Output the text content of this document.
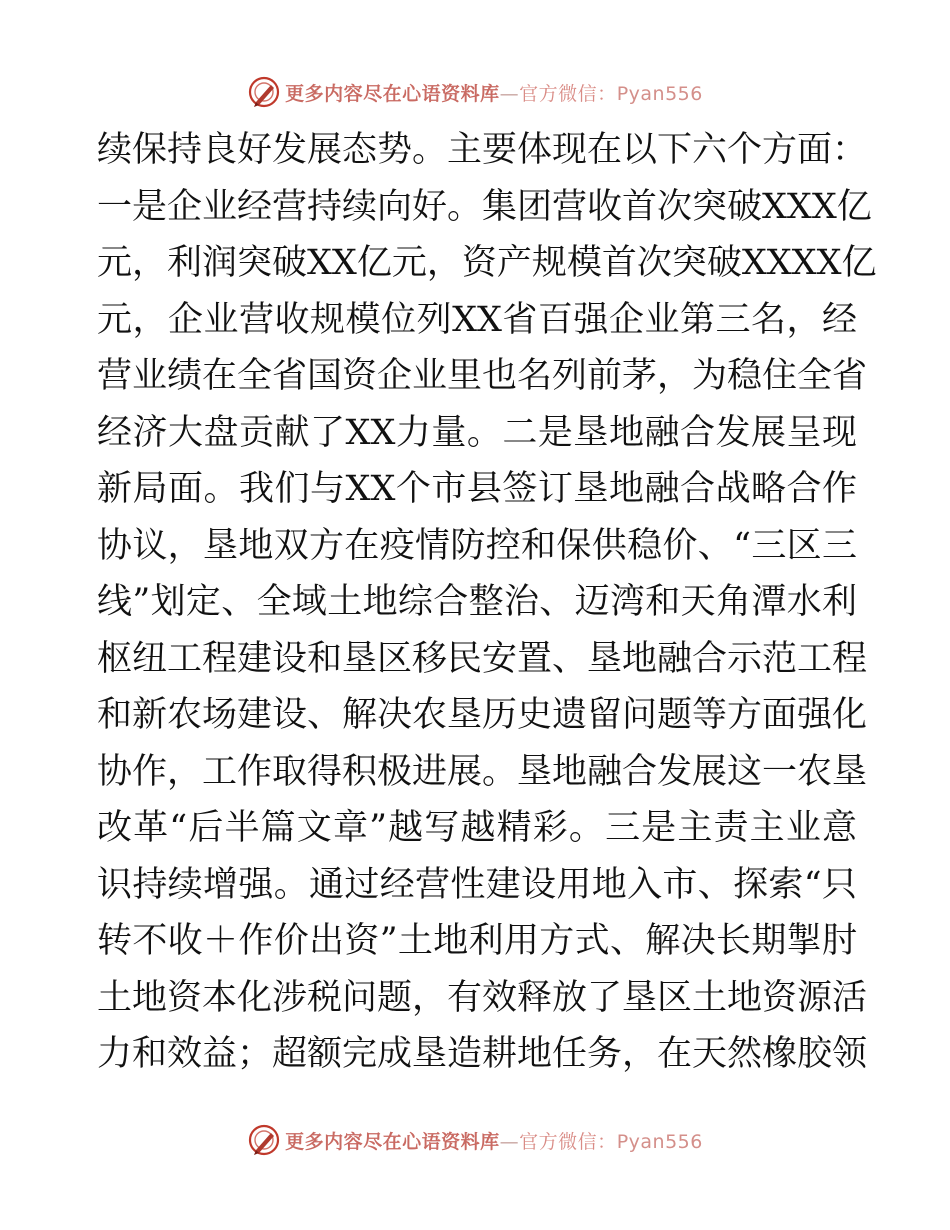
更多内容尽在心语资料库—官方微信：Pyan556
续保持良好发展态势。主要体现在以下六个方面：
一是企业经营持续向好。集团营收首次突破XXX亿
元，利润突破XX亿元，资产规模首次突破XXXX亿
元，企业营收规模位列XX省百强企业第三名，经
营业绩在全省国资企业里也名列前茅，为稳住全省
经济大盘贡献了XX力量。二是垦地融合发展呈现
新局面。我们与XX个市县签订垦地融合战略合作
协议，垦地双方在疫情防控和保供稳价、“三区三
线”划定、全域土地综合整治、迈湾和天角潭水利
枢纽工程建设和垦区移民安置、垦地融合示范工程
和新农场建设、解决农垦历史遗留问题等方面强化
协作，工作取得积极进展。垦地融合发展这一农垦
改革“后半篇文章”越写越精彩。三是主责主业意
识持续增强。通过经营性建设用地入市、探索“只
转不收＋作价出资”土地利用方式、解决长期掣肘
土地资本化涉税问题，有效释放了垦区土地资源活
力和效益；超额完成垦造耕地任务，在天然橡胶领
更多内容尽在心语资料库—官方微信：Pyan556
